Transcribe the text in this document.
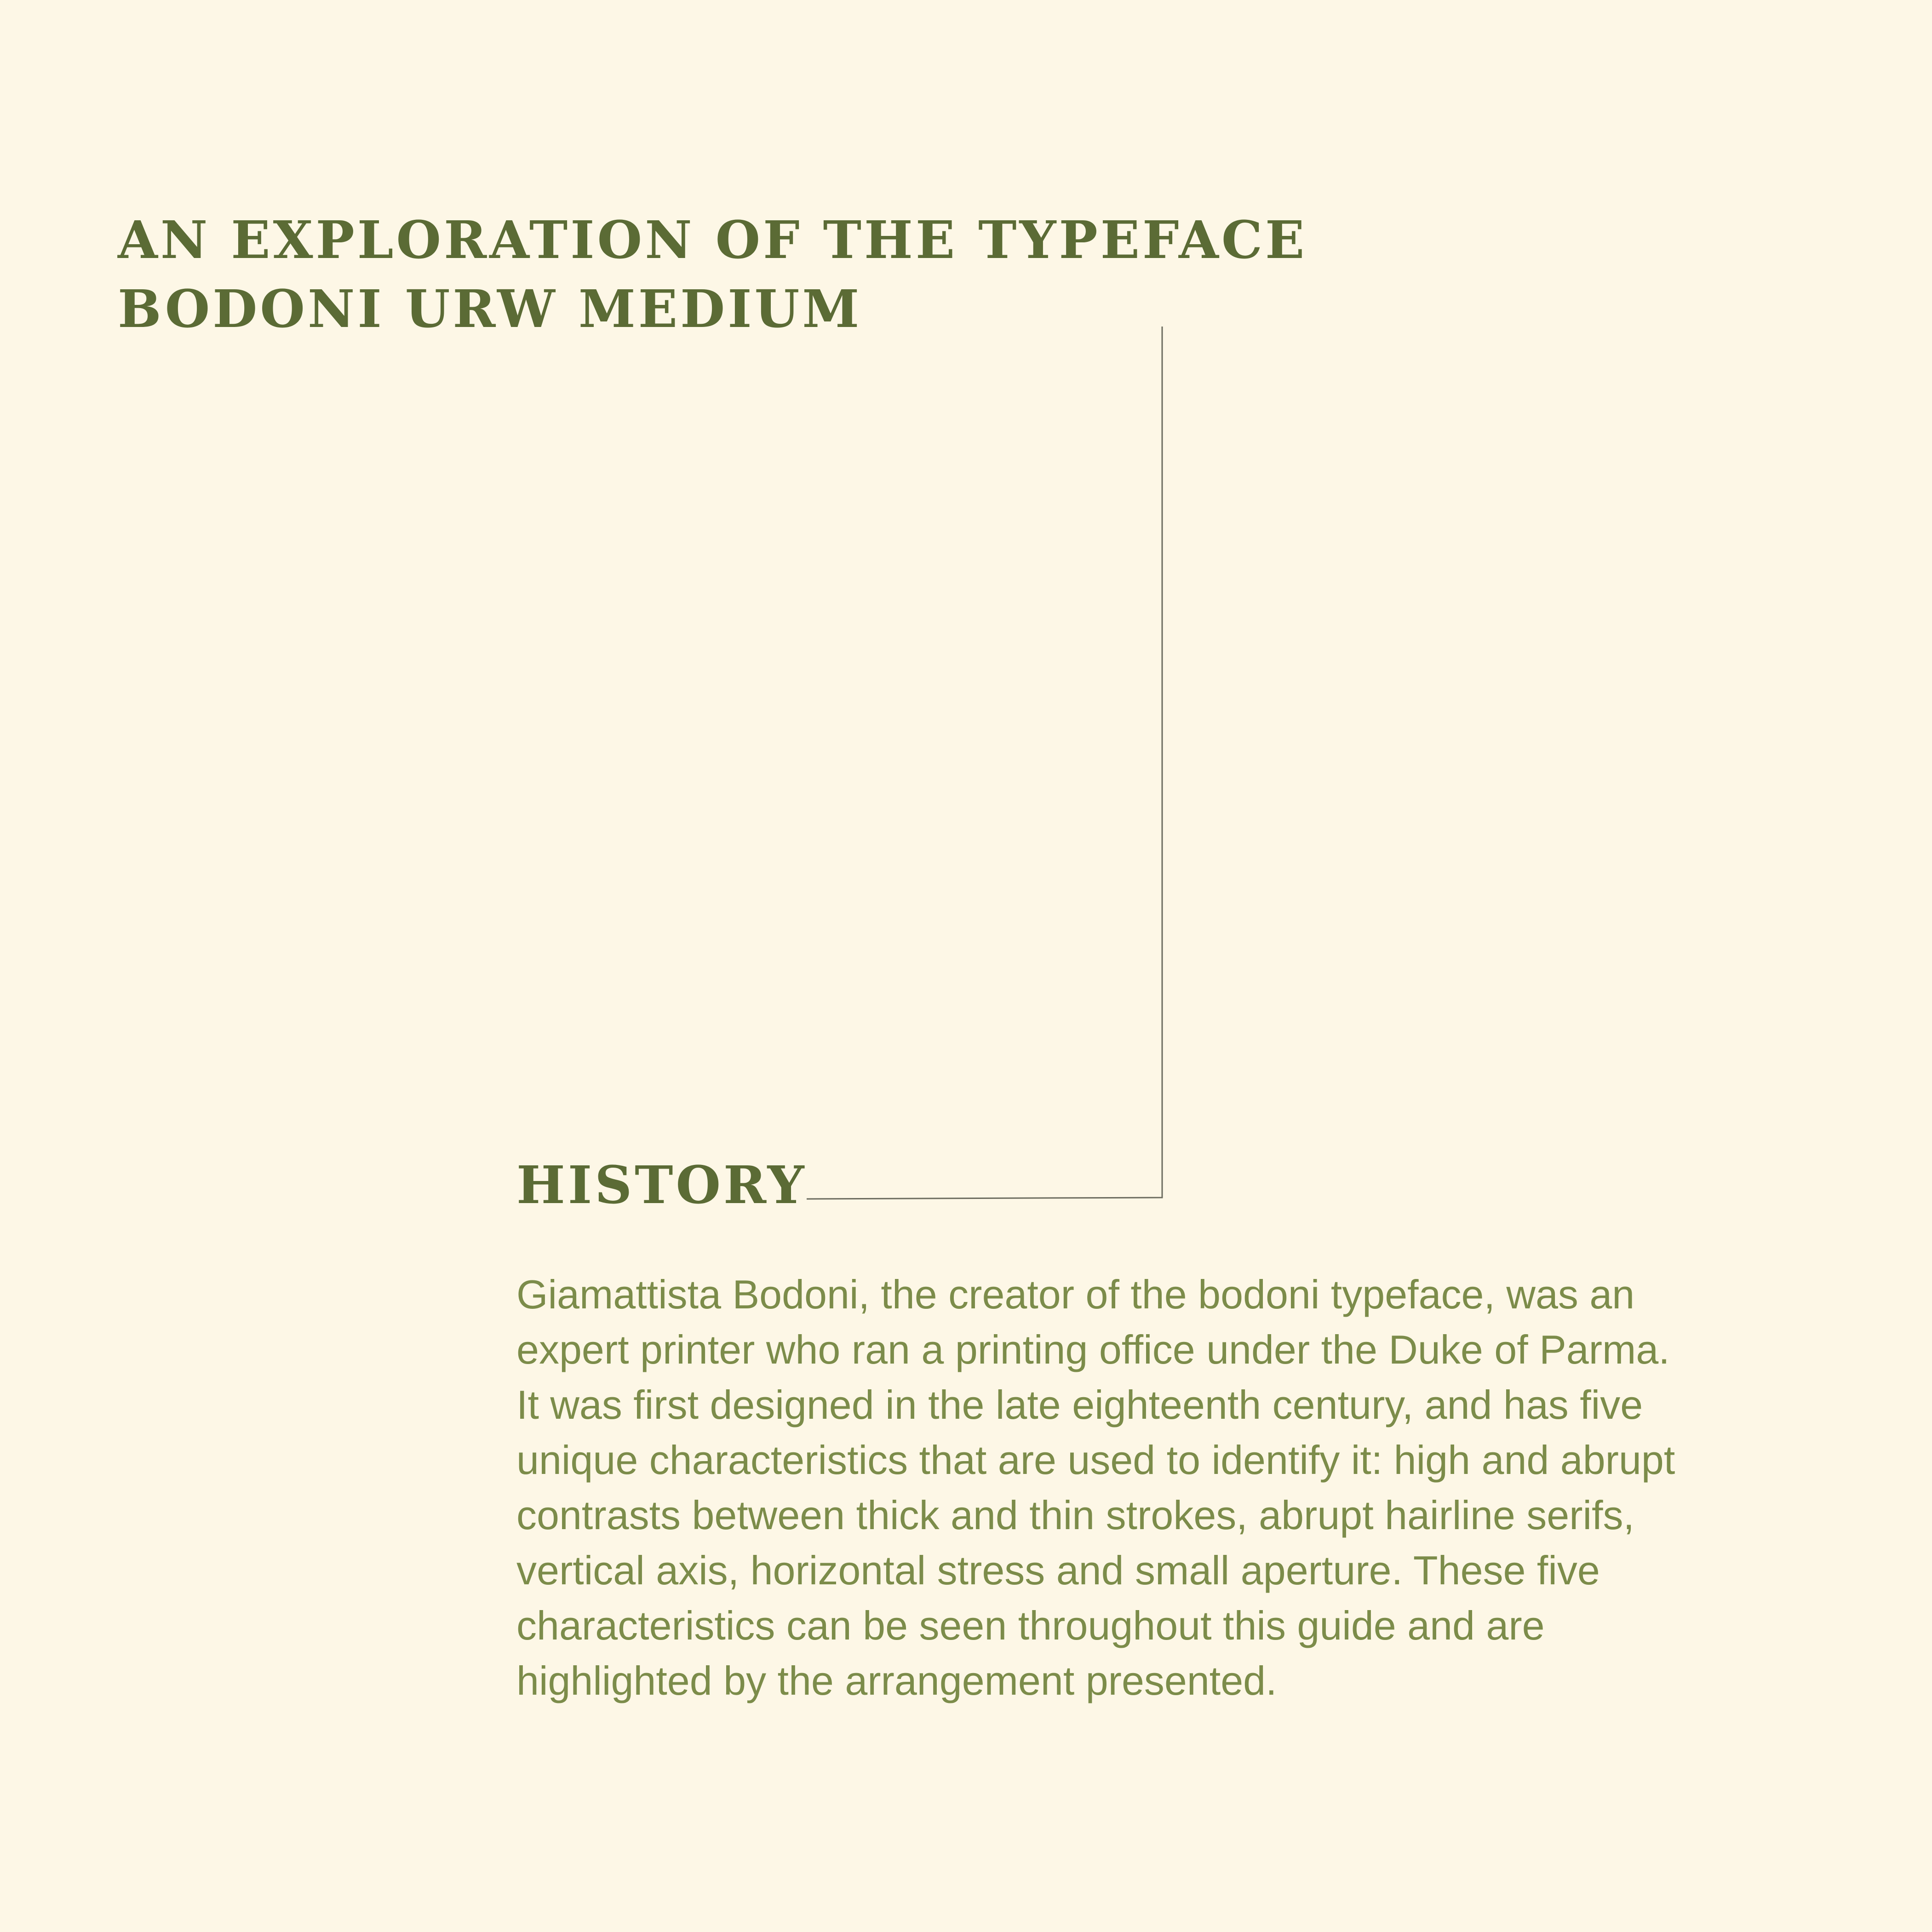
AN EXPLORATION OF THE TYPEFACE
BODONI URW MEDIUM
HISTORY

Giamattista Bodoni, the creator of the bodoni typeface, was an
expert printer who ran a printing office under the Duke of Parma.
It was first designed in the late eighteenth century, and has five
unique characteristics that are used to identify it: high and abrupt
contrasts between thick and thin strokes, abrupt hairline serifs,
vertical axis, horizontal stress and small aperture. These five
characteristics can be seen throughout this guide and are
highlighted by the arrangement presented.
